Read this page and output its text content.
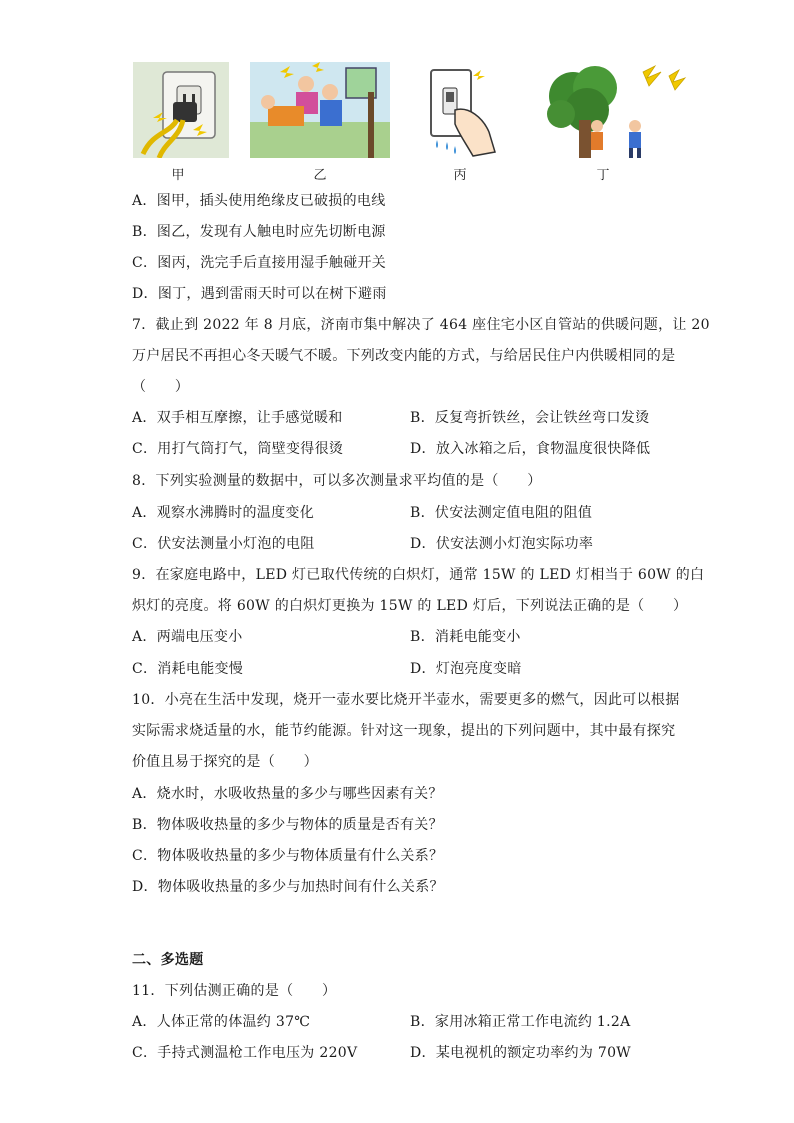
甲	乙	丙	丁
A．图甲，插头使用绝缘皮已破损的电线
B．图乙，发现有人触电时应先切断电源
C．图丙，洗完手后直接用湿手触碰开关
D．图丁，遇到雷雨天时可以在树下避雨
7．截止到 2022 年 8 月底，济南市集中解决了 464 座住宅小区自管站的供暖问题，让 20
万户居民不再担心冬天暖气不暖。下列改变内能的方式，与给居民住户内供暖相同的是
（　　）
A．双手相互摩擦，让手感觉暖和	B．反复弯折铁丝，会让铁丝弯口发烫
C．用打气筒打气，筒壁变得很烫	D．放入冰箱之后，食物温度很快降低
8．下列实验测量的数据中，可以多次测量求平均值的是（　　）
A．观察水沸腾时的温度变化	B．伏安法测定值电阻的阻值
C．伏安法测量小灯泡的电阻	D．伏安法测小灯泡实际功率
9．在家庭电路中，LED 灯已取代传统的白炽灯，通常 15W 的 LED 灯相当于 60W 的白
炽灯的亮度。将 60W 的白炽灯更换为 15W 的 LED 灯后，下列说法正确的是（　　）
A．两端电压变小	B．消耗电能变小
C．消耗电能变慢	D．灯泡亮度变暗
10．小亮在生活中发现，烧开一壶水要比烧开半壶水，需要更多的燃气，因此可以根据
实际需求烧适量的水，能节约能源。针对这一现象，提出的下列问题中，其中最有探究
价值且易于探究的是（　　）
A．烧水时，水吸收热量的多少与哪些因素有关？
B．物体吸收热量的多少与物体的质量是否有关？
C．物体吸收热量的多少与物体质量有什么关系？
D．物体吸收热量的多少与加热时间有什么关系？
二、多选题
11．下列估测正确的是（　　）
A．人体正常的体温约 37℃	B．家用冰箱正常工作电流约 1.2A
C．手持式测温枪工作电压为 220V	D．某电视机的额定功率约为 70W
